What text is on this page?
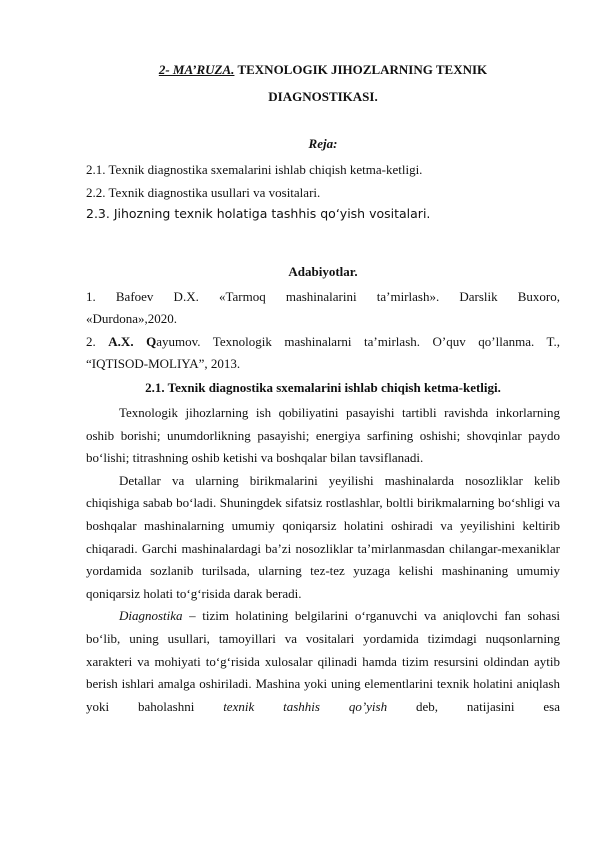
2- MA’RUZA. TEXNOLOGIK JIHOZLARNING TEXNIK
DIAGNOSTIKASI.
Reja:
2.1. Texnik diagnostika sxemalarini ishlab chiqish ketma-ketligi.
2.2. Texnik diagnostika usullari va vositalari.
2.3. Jihozning texnik holatiga tashhis qo‘yish vositalari.
Adabiyotlar.
1. Bafoev D.X. «Tarmoq mashinalarini ta’mirlash». Darslik Buxoro,
«Durdona»,2020.
2. A.X. Qayumov. Texnologik mashinalarni ta’mirlash. O’quv qo’llanma. T.,
“IQTISOD-MOLIYA”, 2013.
2.1. Texnik diagnostika sxemalarini ishlab chiqish ketma-ketligi.

Texnologik jihozlarning ish qobiliyatini pasayishi tartibli ravishda inkorlarning oshib borishi; unumdorlikning pasayishi; energiya sarfining oshishi; shovqinlar paydo bo‘lishi; titrashning oshib ketishi va boshqalar bilan tavsiflanadi.

Detallar va ularning birikmalarini yeyilishi mashinalarda nosozliklar kelib chiqishiga sabab bo‘ladi. Shuningdek sifatsiz rostlashlar, boltli birikmalarning bo‘shligi va boshqalar mashinalarning umumiy qoniqarsiz holatini oshiradi va yeyilishini keltirib chiqaradi. Garchi mashinalardagi ba’zi nosozliklar ta’mirlanmasdan chilangar-mexaniklar yordamida sozlanib turilsada, ularning tez-tez yuzaga kelishi mashinaning umumiy qoniqarsiz holati to‘g‘risida darak beradi.

Diagnostika – tizim holatining belgilarini o‘rganuvchi va aniqlovchi fan sohasi bo‘lib, uning usullari, tamoyillari va vositalari yordamida tizimdagi nuqsonlarning xarakteri va mohiyati to‘g‘risida xulosalar qilinadi hamda tizim resursini oldindan aytib berish ishlari amalga oshiriladi. Mashina yoki uning elementlarini texnik holatini aniqlash yoki baholashni texnik tashhis qo’yish deb, natijasini esa
